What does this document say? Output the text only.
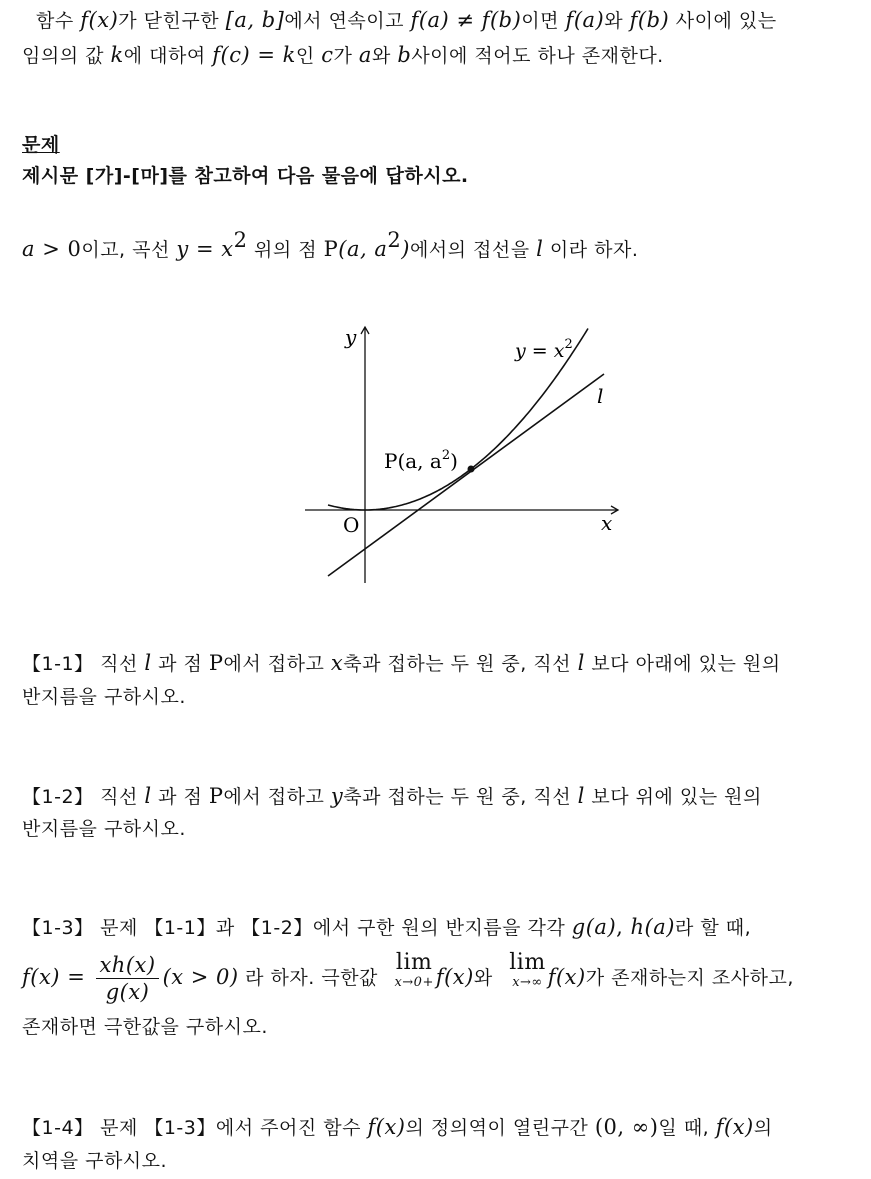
함수 f(x)가 닫힌구한 [a, b]에서 연속이고 f(a) ≠ f(b)이면 f(a)와 f(b) 사이에 있는
임의의 값 k에 대하여 f(c) = k인 c가 a와 b사이에 적어도 하나 존재한다.
문제
제시문 [가]-[마]를 참고하여 다음 물음에 답하시오.
a > 0이고, 곡선 $y = x^2$ 위의 점 P(a, $a^2$)에서의 접선을 l 이라 하자.
y
x
O
$y = x^2$
l
P(a, $a^2$)
【1-1】 직선 l 과 점 P에서 접하고 x축과 접하는 두 원 중, 직선 l 보다 아래에 있는 원의
반지름을 구하시오.
【1-2】 직선 l 과 점 P에서 접하고 y축과 접하는 두 원 중, 직선 l 보다 위에 있는 원의
반지름을 구하시오.
【1-3】 문제 【1-1】과 【1-2】에서 구한 원의 반지름을 각각 g(a), h(a)라 할 때,
$f(x) = \frac{xh(x)}{g(x)} (x > 0)$ 라 하자. 극한값
lim
x→0+ f(x)와
lim
x→∞ f(x)가 존재하는지 조사하고,
존재하면 극한값을 구하시오.
【1-4】 문제 【1-3】에서 주어진 함수 f(x)의 정의역이 열린구간 (0, ∞)일 때, f(x)의
치역을 구하시오.
